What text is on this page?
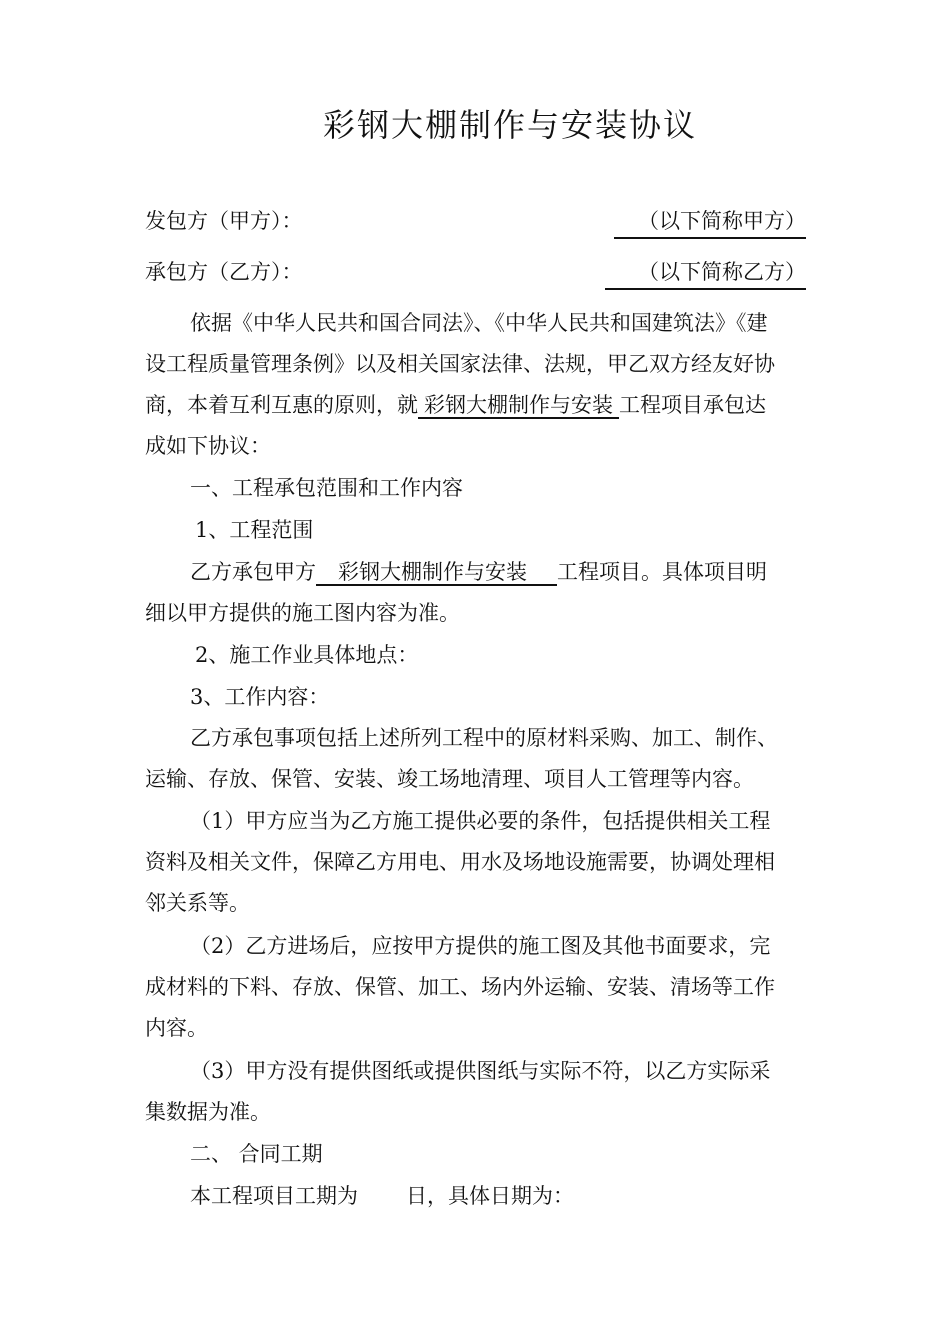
彩钢大棚制作与安装协议
发包方（甲方）：	（以下简称甲方）
承包方（乙方）：	（以下简称乙方）
依据《中华人民共和国合同法》、《中华人民共和国建筑法》《建
设工程质量管理条例》以及相关国家法律、法规，甲乙双方经友好协
商，本着互利互惠的原则，就 彩钢大棚制作与安装 工程项目承包达
成如下协议：
一、工程承包范围和工作内容
1、工程范围
乙方承包甲方 彩钢大棚制作与安装 工程项目。具体项目明
细以甲方提供的施工图内容为准。
2、施工作业具体地点：
3、工作内容：
乙方承包事项包括上述所列工程中的原材料采购、加工、制作、
运输、存放、保管、安装、竣工场地清理、项目人工管理等内容。
（1）甲方应当为乙方施工提供必要的条件，包括提供相关工程
资料及相关文件，保障乙方用电、用水及场地设施需要，协调处理相
邻关系等。
（2）乙方进场后，应按甲方提供的施工图及其他书面要求，完
成材料的下料、存放、保管、加工、场内外运输、安装、清场等工作
内容。
（3）甲方没有提供图纸或提供图纸与实际不符，以乙方实际采
集数据为准。
二、 合同工期
本工程项目工期为 日，具体日期为：
